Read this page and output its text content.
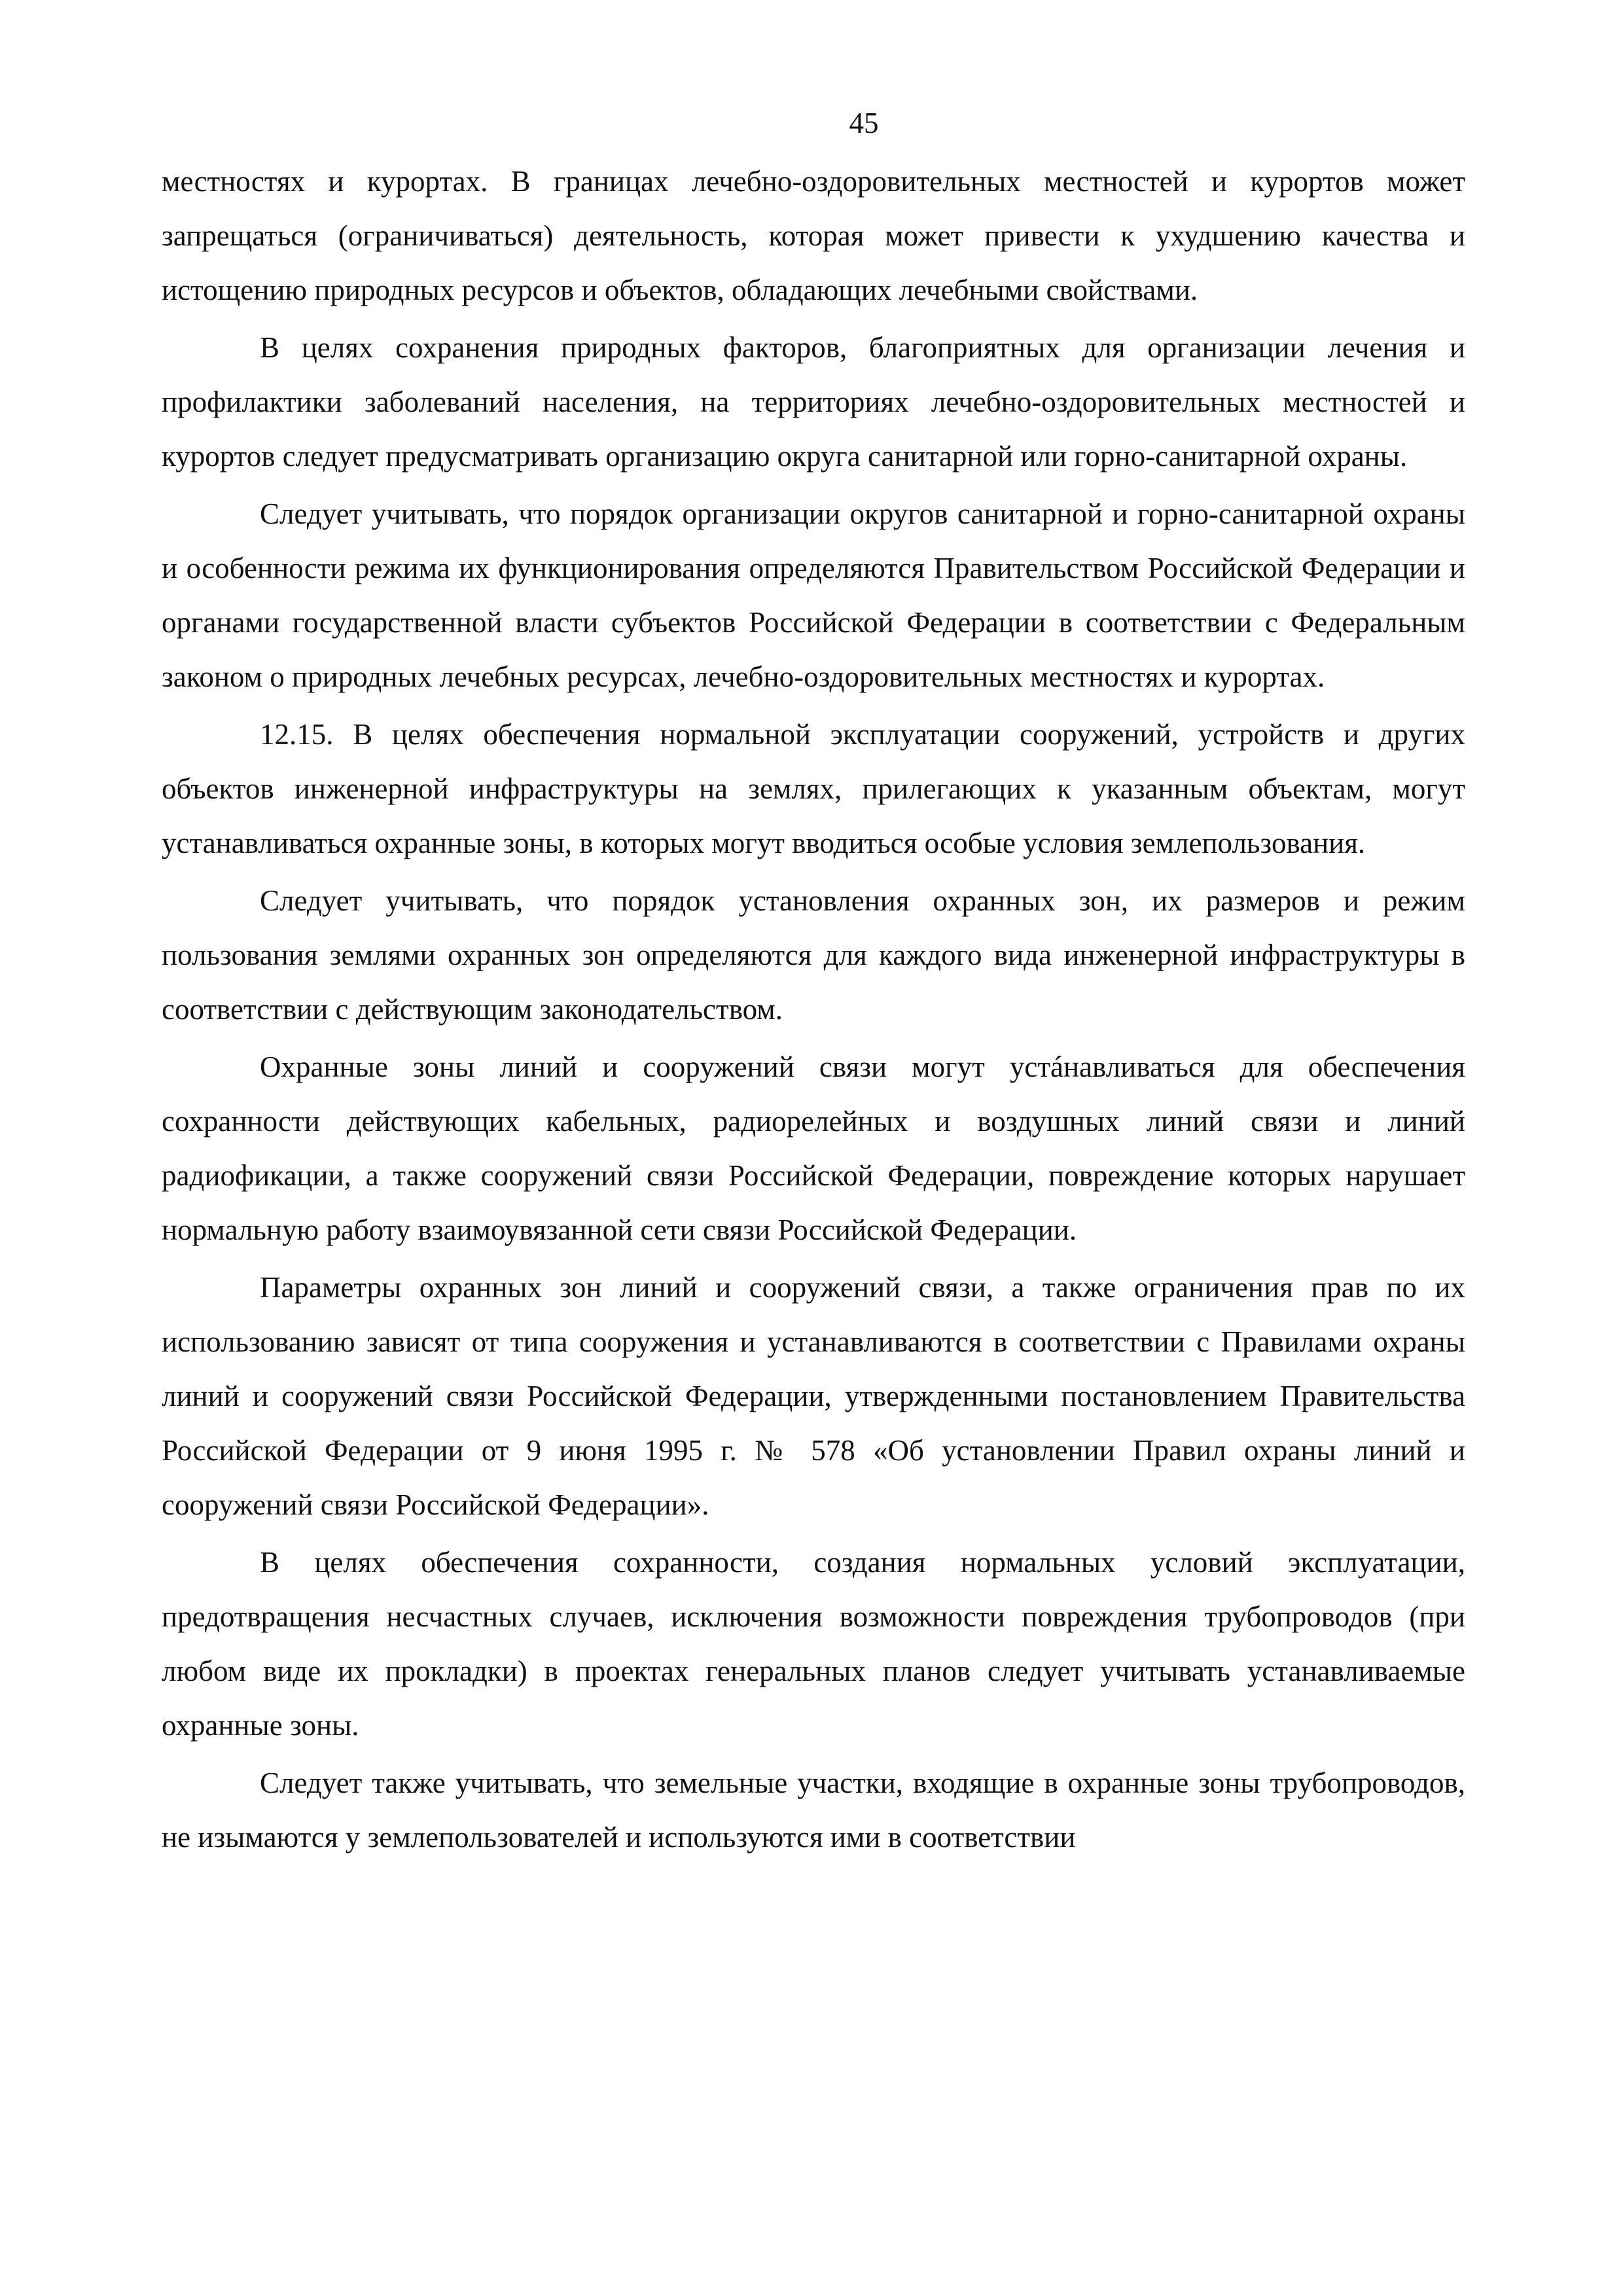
45

местностях и курортах. В границах лечебно-оздоровительных местностей и курортов может запрещаться (ограничиваться) деятельность, которая может привести к ухудшению качества и истощению природных ресурсов и объектов, обладающих лечебными свойствами.

В целях сохранения природных факторов, благоприятных для организации лечения и профилактики заболеваний населения, на территориях лечебно-оздоровительных местностей и курортов следует предусматривать организацию округа санитарной или горно-санитарной охраны.

Следует учитывать, что порядок организации округов санитарной и горно-санитарной охраны и особенности режима их функционирования определяются Правительством Российской Федерации и органами государственной власти субъектов Российской Федерации в соответствии с Федеральным законом о природных лечебных ресурсах, лечебно-оздоровительных местностях и курортах.

12.15. В целях обеспечения нормальной эксплуатации сооружений, устройств и других объектов инженерной инфраструктуры на землях, прилегающих к указанным объектам, могут устанавливаться охранные зоны, в которых могут вводиться особые условия землепользования.

Следует учитывать, что порядок установления охранных зон, их размеров и режим пользования землями охранных зон определяются для каждого вида инженерной инфраструктуры в соответствии с действующим законодательством.

Охранные зоны линий и сооружений связи могут устáнавливаться для обеспечения сохранности действующих кабельных, радиорелейных и воздушных линий связи и линий радиофикации, а также сооружений связи Российской Федерации, повреждение которых нарушает нормальную работу взаимоувязанной сети связи Российской Федерации.

Параметры охранных зон линий и сооружений связи, а также ограничения прав по их использованию зависят от типа сооружения и устанавливаются в соответствии с Правилами охраны линий и сооружений связи Российской Федерации, утвержденными постановлением Правительства Российской Федерации от 9 июня 1995 г. № 578 «Об установлении Правил охраны линий и сооружений связи Российской Федерации».

В целях обеспечения сохранности, создания нормальных условий эксплуатации, предотвращения несчастных случаев, исключения возможности повреждения трубопроводов (при любом виде их прокладки) в проектах генеральных планов следует учитывать устанавливаемые охранные зоны.

Следует также учитывать, что земельные участки, входящие в охранные зоны трубопроводов, не изымаются у землепользователей и используются ими в соответствии
